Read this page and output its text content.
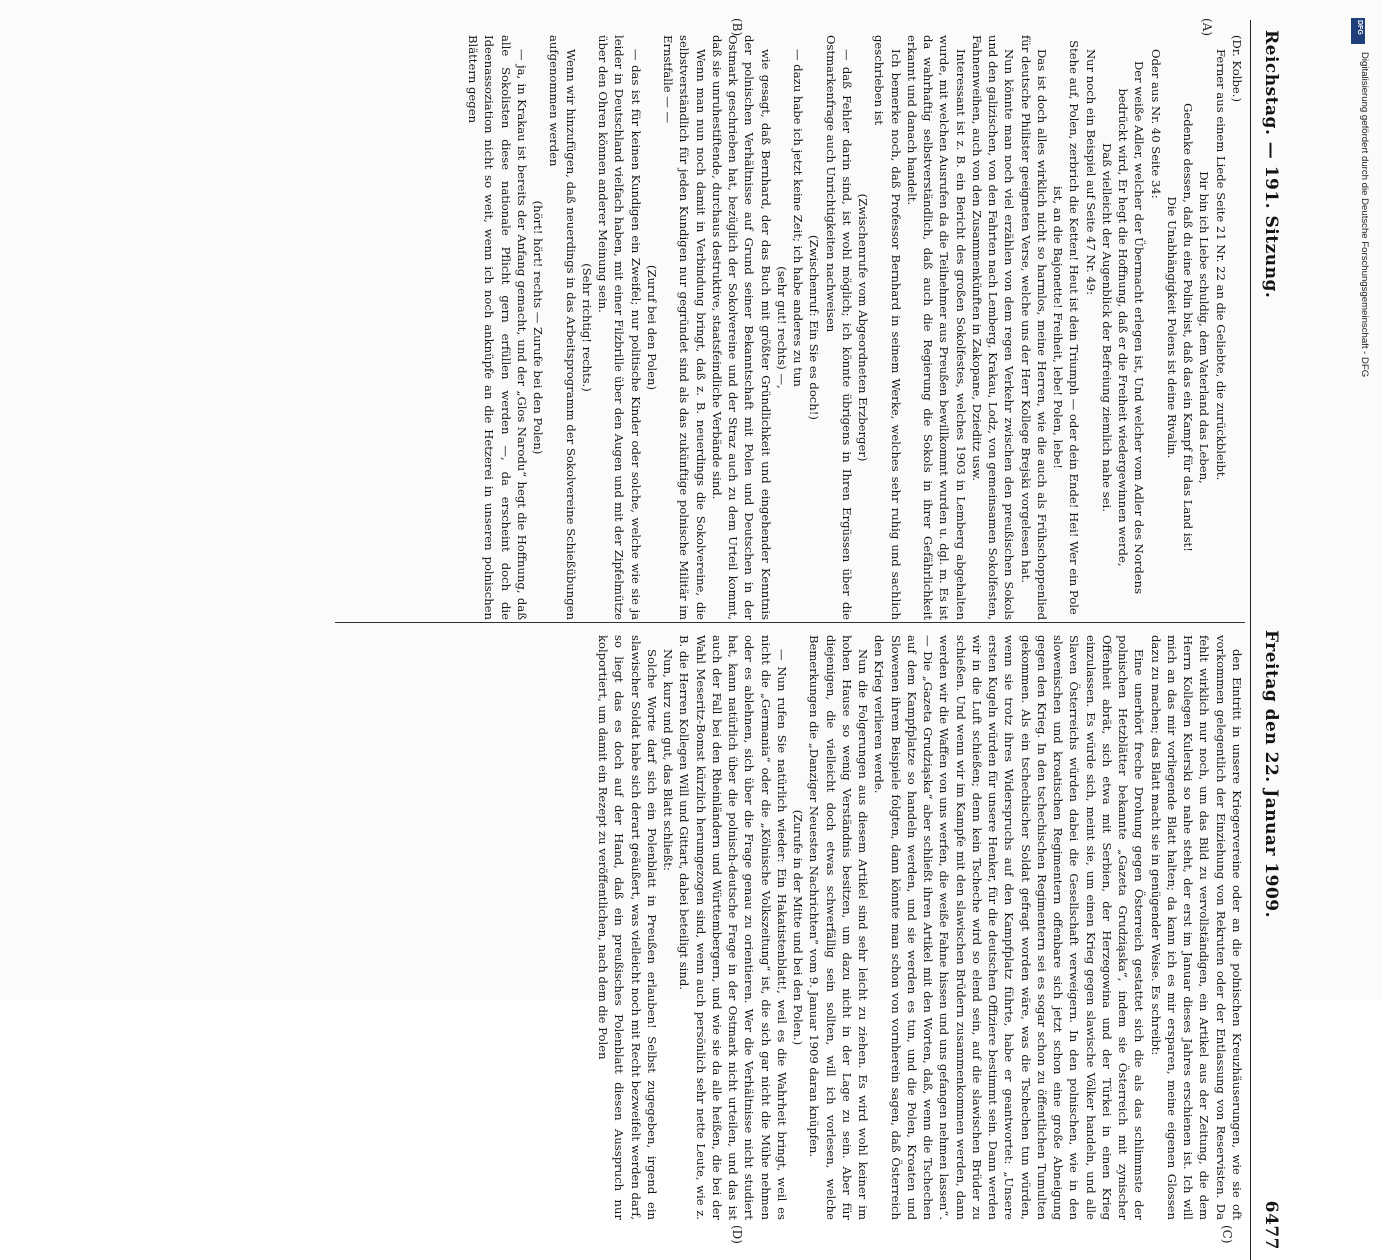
Reichstag. — 191. Sitzung.
Freitag den 22. Januar 1909.
6477
(A)
(B)
(C)
(D)

(Dr. Kolbe.)

Ferner aus einem Liede Seite 21 Nr. 22 an die Geliebte, die zurückbleibt.

Dir bin ich Liebe schuldig, dem Vaterland das Leben,

Gedenke dessen, daß du eine Polin bist, daß das ein Kampf für das Land ist!

Die Unabhängigkeit Polens ist deine Rivalin.

Oder aus Nr. 40 Seite 34:

Der weiße Adler, welcher der Übermacht erlegen ist, Und welcher vom Adler des Nordens bedrückt wird, Er hegt die Hoffnung, daß er die Freiheit wiedergewinnen werde,

Daß vielleicht der Augenblick der Befreiung ziemlich nahe sei.

Nur noch ein Beispiel auf Seite 47 Nr. 49:

Stehe auf, Polen, zerbrich die Ketten! Heut ist dein Triumph — oder dein Ende! Hei! Wer ein Pole ist, an die Bajonette! Freiheit, lebe! Polen, lebe!

Das ist doch alles wirklich nicht so harmlos, meine Herren, wie die auch als Frühschoppenlied für deutsche Philister geeigneten Verse, welche uns der Herr Kollege Brejski vorgelesen hat.

Nun könnte man noch viel erzählen von dem regen Verkehr zwischen den preußischen Sokols und den galizischen, von den Fahrten nach Lemberg, Krakau, Lodz, von gemeinsamen Sokolfesten, Fahnenweihen, auch von den Zusammenkünften in Zakopane, Dzieditz usw.

Interessant ist z. B. ein Bericht des großen Sokolfestes, welches 1903 in Lemberg abgehalten wurde, mit welchen Ausrufen da die Teilnehmer aus Preußen bewillkommt wurden u. dgl. m. Es ist da wahrhaftig selbstverständlich, daß auch die Regierung die Sokols in ihrer Gefährlichkeit erkannt und danach handelt.

Ich bemerke noch, daß Professor Bernhard in seinem Werke, welches sehr ruhig und sachlich geschrieben ist

(Zwischenrufe vom Abgeordneten Erzberger)

— daß Fehler darin sind, ist wohl möglich; ich könnte übrigens in Ihren Ergüssen über die Ostmarkenfrage auch Unrichtigkeiten nachweisen

(Zwischenruf: Ein Sie es doch!)

— dazu habe ich jetzt keine Zeit; ich habe anderes zu tun

(sehr gut! rechts) —,

wie gesagt, daß Bernhard, der das Buch mit größter Gründlichkeit und eingehender Kenntnis der polnischen Verhältnisse auf Grund seiner Bekanntschaft mit Polen und Deutschen in der Ostmark geschrieben hat, bezüglich der Sokolvereine und der Straz auch zu dem Urteil kommt, daß sie unruhestiftende, durchaus destruktive, staatsfeindliche Verbände sind.

Wenn man nun noch damit in Verbindung bringt, daß z. B. neuerdings die Sokolvereine, die selbstverständlich für jeden Kundigen nur gegründet sind als das zukünftige polnische Militär im Ernstfalle — —

(Zuruf bei den Polen)

— das ist für keinen Kundigen ein Zweifel; nur politische Kinder oder solche, welche wie sie ja leider in Deutschland vielfach haben, mit einer Filzbrille über den Augen und mit der Zipfelmütze über den Ohren können anderer Meinung sein.

(Sehr richtig! rechts.)

Wenn wir hinzufügen, daß neuerdings in das Arbeitsprogramm der Sokolvereine Schießübungen aufgenommen werden

(hört! hört! rechts — Zurufe bei den Polen)

— ja, in Krakau ist bereits der Anfang gemacht, und der „Glos Narodu“ hegt die Hoffnung, daß alle Sokolisten diese nationale Pflicht gern erfüllen werden —, da erscheint doch die Ideenassoziation nicht so weit, wenn ich noch anknüpfe an die Hetzerei in unseren polnischen Blättern gegen

den Eintritt in unsere Kriegervereine oder an die polnischen Kreuzhäuserungen, wie sie oft vorkommen gelegentlich der Einziehung von Rekruten oder der Entlassung von Reservisten. Da fehlt wirklich nur noch, um das Bild zu vervollständigen, ein Artikel aus der Zeitung, die dem Herrn Kollegen Kulerski so nahe steht, der erst im Januar dieses Jahres erschienen ist. Ich will mich an das mir vorliegende Blatt halten; da kann ich es mir ersparen, meine eigenen Glossen dazu zu machen; das Blatt macht sie in genügender Weise. Es schreibt:

Eine unerhört freche Drohung gegen Österreich gestattet sich die als das schlimmste der polnischen Hetzblätter bekannte „Gazeta Grudziąska“, indem sie Österreich mit zynischer Offenheit abrät, sich etwa mit Serbien, der Herzegowina und der Türkei in einen Krieg einzulassen. Es würde sich, meint sie, um einen Krieg gegen slawische Völker handeln, und alle Slaven Österreichs würden dabei die Gesellschaft verweigern. In den polnischen, wie in den slowenischen und kroatischen Regimentern offenbare sich jetzt schon eine große Abneigung gegen den Krieg. In den tschechischen Regimentern sei es sogar schon zu öffentlichen Tumulten gekommen. Als ein tschechischer Soldat gefragt worden wäre, was die Tschechen tun würden, wenn sie trotz ihres Widerspruchs auf den Kampfplatz führte, habe er geantwortet: „Unsere ersten Kugeln würden für unsere Henker, für die deutschen Offiziere bestimmt sein. Dann werden wir in die Luft schießen; denn kein Tscheche wird so elend sein, auf die slawischen Brüder zu schießen. Und wenn wir im Kampfe mit den slawischen Brüdern zusammenkommen werden, dann werden wir die Waffen von uns werfen, die weiße Fahne hissen und uns gefangen nehmen lassen“. — Die „Gazeta Grudziąska“ aber schließt ihren Artikel mit den Worten, daß, wenn die Tschechen auf dem Kampfplatze so handeln werden, und sie werden es tun, und die Polen, Kroaten und Slowenen ihrem Beispiele folgten, dann könnte man schon von vornherein sagen, daß Österreich den Krieg verlieren werde.

Nun die Folgerungen aus diesem Artikel sind sehr leicht zu ziehen. Es wird wohl keiner im hohen Hause so wenig Verständnis besitzen, um dazu nicht in der Lage zu sein. Aber für diejenigen, die vielleicht doch etwas schwerfällig sein sollten, will ich vorlesen, welche Bemerkungen die „Danziger Neuesten Nachrichten“ vom 9. Januar 1909 daran knüpfen.

(Zurufe in der Mitte und bei den Polen.)

— Nun rufen Sie natürlich wieder: Ein Hakatistenblatt!, weil es die Wahrheit bringt, weil es nicht die „Germania“ oder die „Kölnische Volkszeitung“ ist, die sich gar nicht die Mühe nehmen oder es ablehnen, sich über die Frage genau zu orientieren. Wer die Verhältnisse nicht studiert hat, kann natürlich über die polnisch-deutsche Frage in der Ostmark nicht urteilen, und das ist auch der Fall bei den Rheinländern und Württembergern, und wie sie da alle heißen, die bei der Wahl Meseritz-Bomst kürzlich herumgezogen sind, wenn auch persönlich sehr nette Leute, wie z. B. die Herren Kollegen Will und Gittart, dabei beteiligt sind.

Nun, kurz und gut, das Blatt schließt:

Solche Worte darf sich ein Polenblatt in Preußen erlauben! Selbst zugegeben, irgend ein slawischer Soldat habe sich derart geäußert, was vielleicht noch mit Recht bezweifelt werden darf, so liegt das es doch auf der Hand, daß ein preußisches Polenblatt diesen Ausspruch nur kolportiert, um damit ein Rezept zu veröffentlichen, nach dem die Polen

DFG
Digitalisierung gefördert durch die Deutsche Forschungsgemeinschaft - DFG
